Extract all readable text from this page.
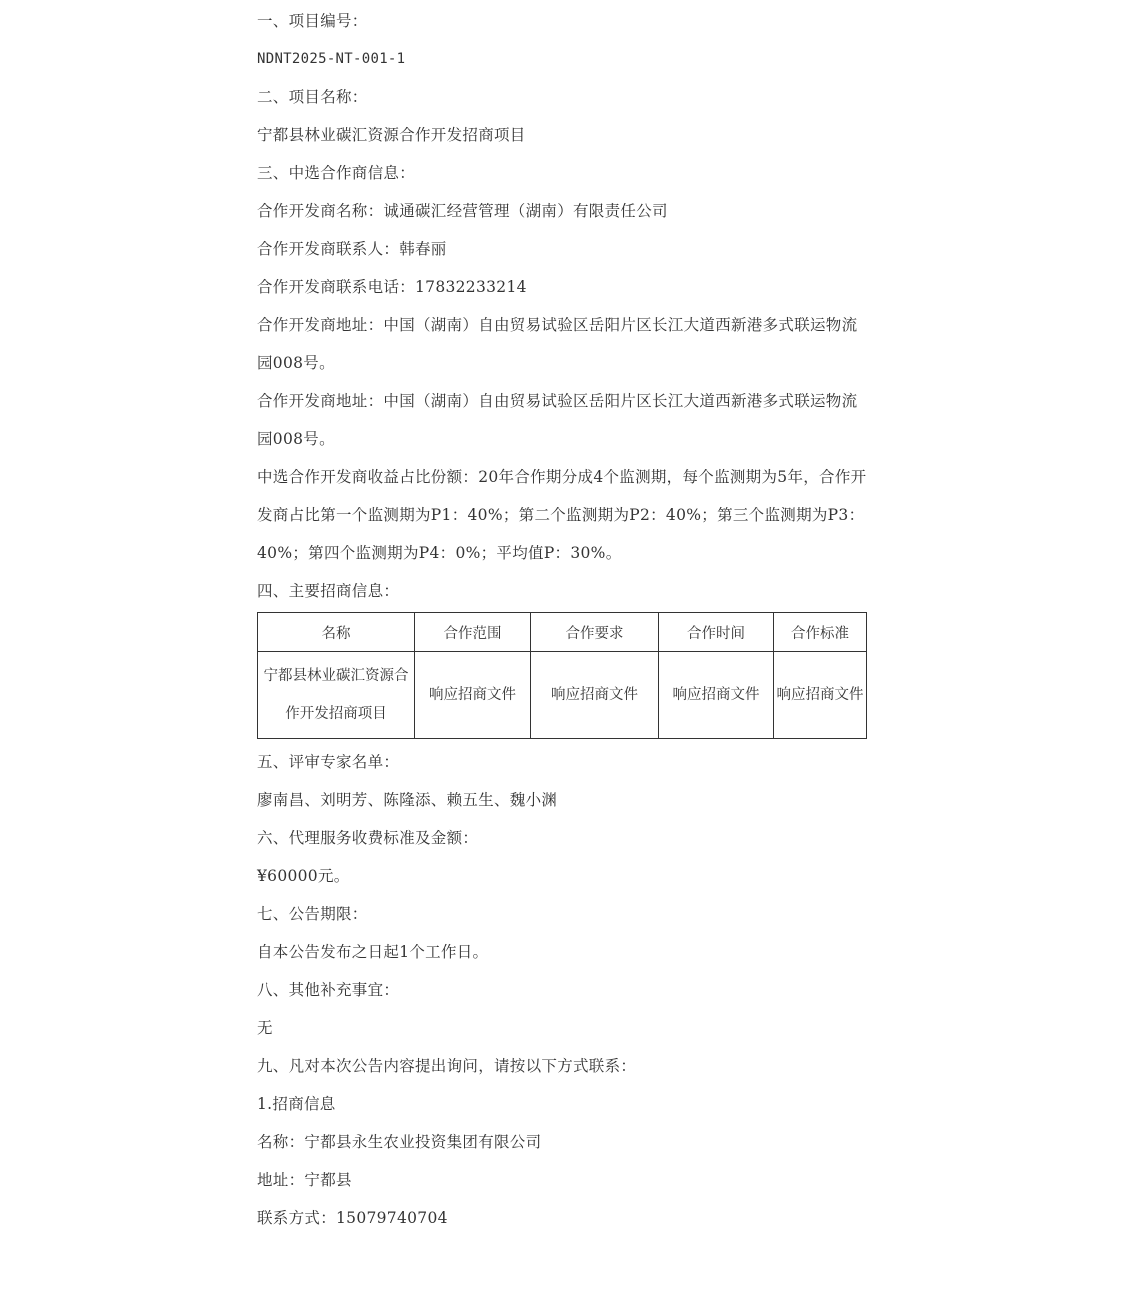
一、项目编号：

NDNT2025-NT-001-1

二、项目名称：

宁都县林业碳汇资源合作开发招商项目

三、中选合作商信息：

合作开发商名称：诚通碳汇经营管理（湖南）有限责任公司

合作开发商联系人：韩春丽

合作开发商联系电话：17832233214

合作开发商地址：中国（湖南）自由贸易试验区岳阳片区长江大道西新港多式联运物流园008号。

合作开发商地址：中国（湖南）自由贸易试验区岳阳片区长江大道西新港多式联运物流园008号。

中选合作开发商收益占比份额：20年合作期分成4个监测期，每个监测期为5年，合作开发商占比第一个监测期为P1：40%；第二个监测期为P2：40%；第三个监测期为P3：40%；第四个监测期为P4：0%；平均值P：30%。

四、主要招商信息：

名称	合作范围	合作要求	合作时间	合作标准
宁都县林业碳汇资源合作开发招商项目	响应招商文件	响应招商文件	响应招商文件	响应招商文件

五、评审专家名单：

廖南昌、刘明芳、陈隆添、赖五生、魏小渊

六、代理服务收费标准及金额：

¥60000元。

七、公告期限：

自本公告发布之日起1个工作日。

八、其他补充事宜：

无

九、凡对本次公告内容提出询问，请按以下方式联系：

1.招商信息

名称：宁都县永生农业投资集团有限公司

地址：宁都县

联系方式：15079740704
